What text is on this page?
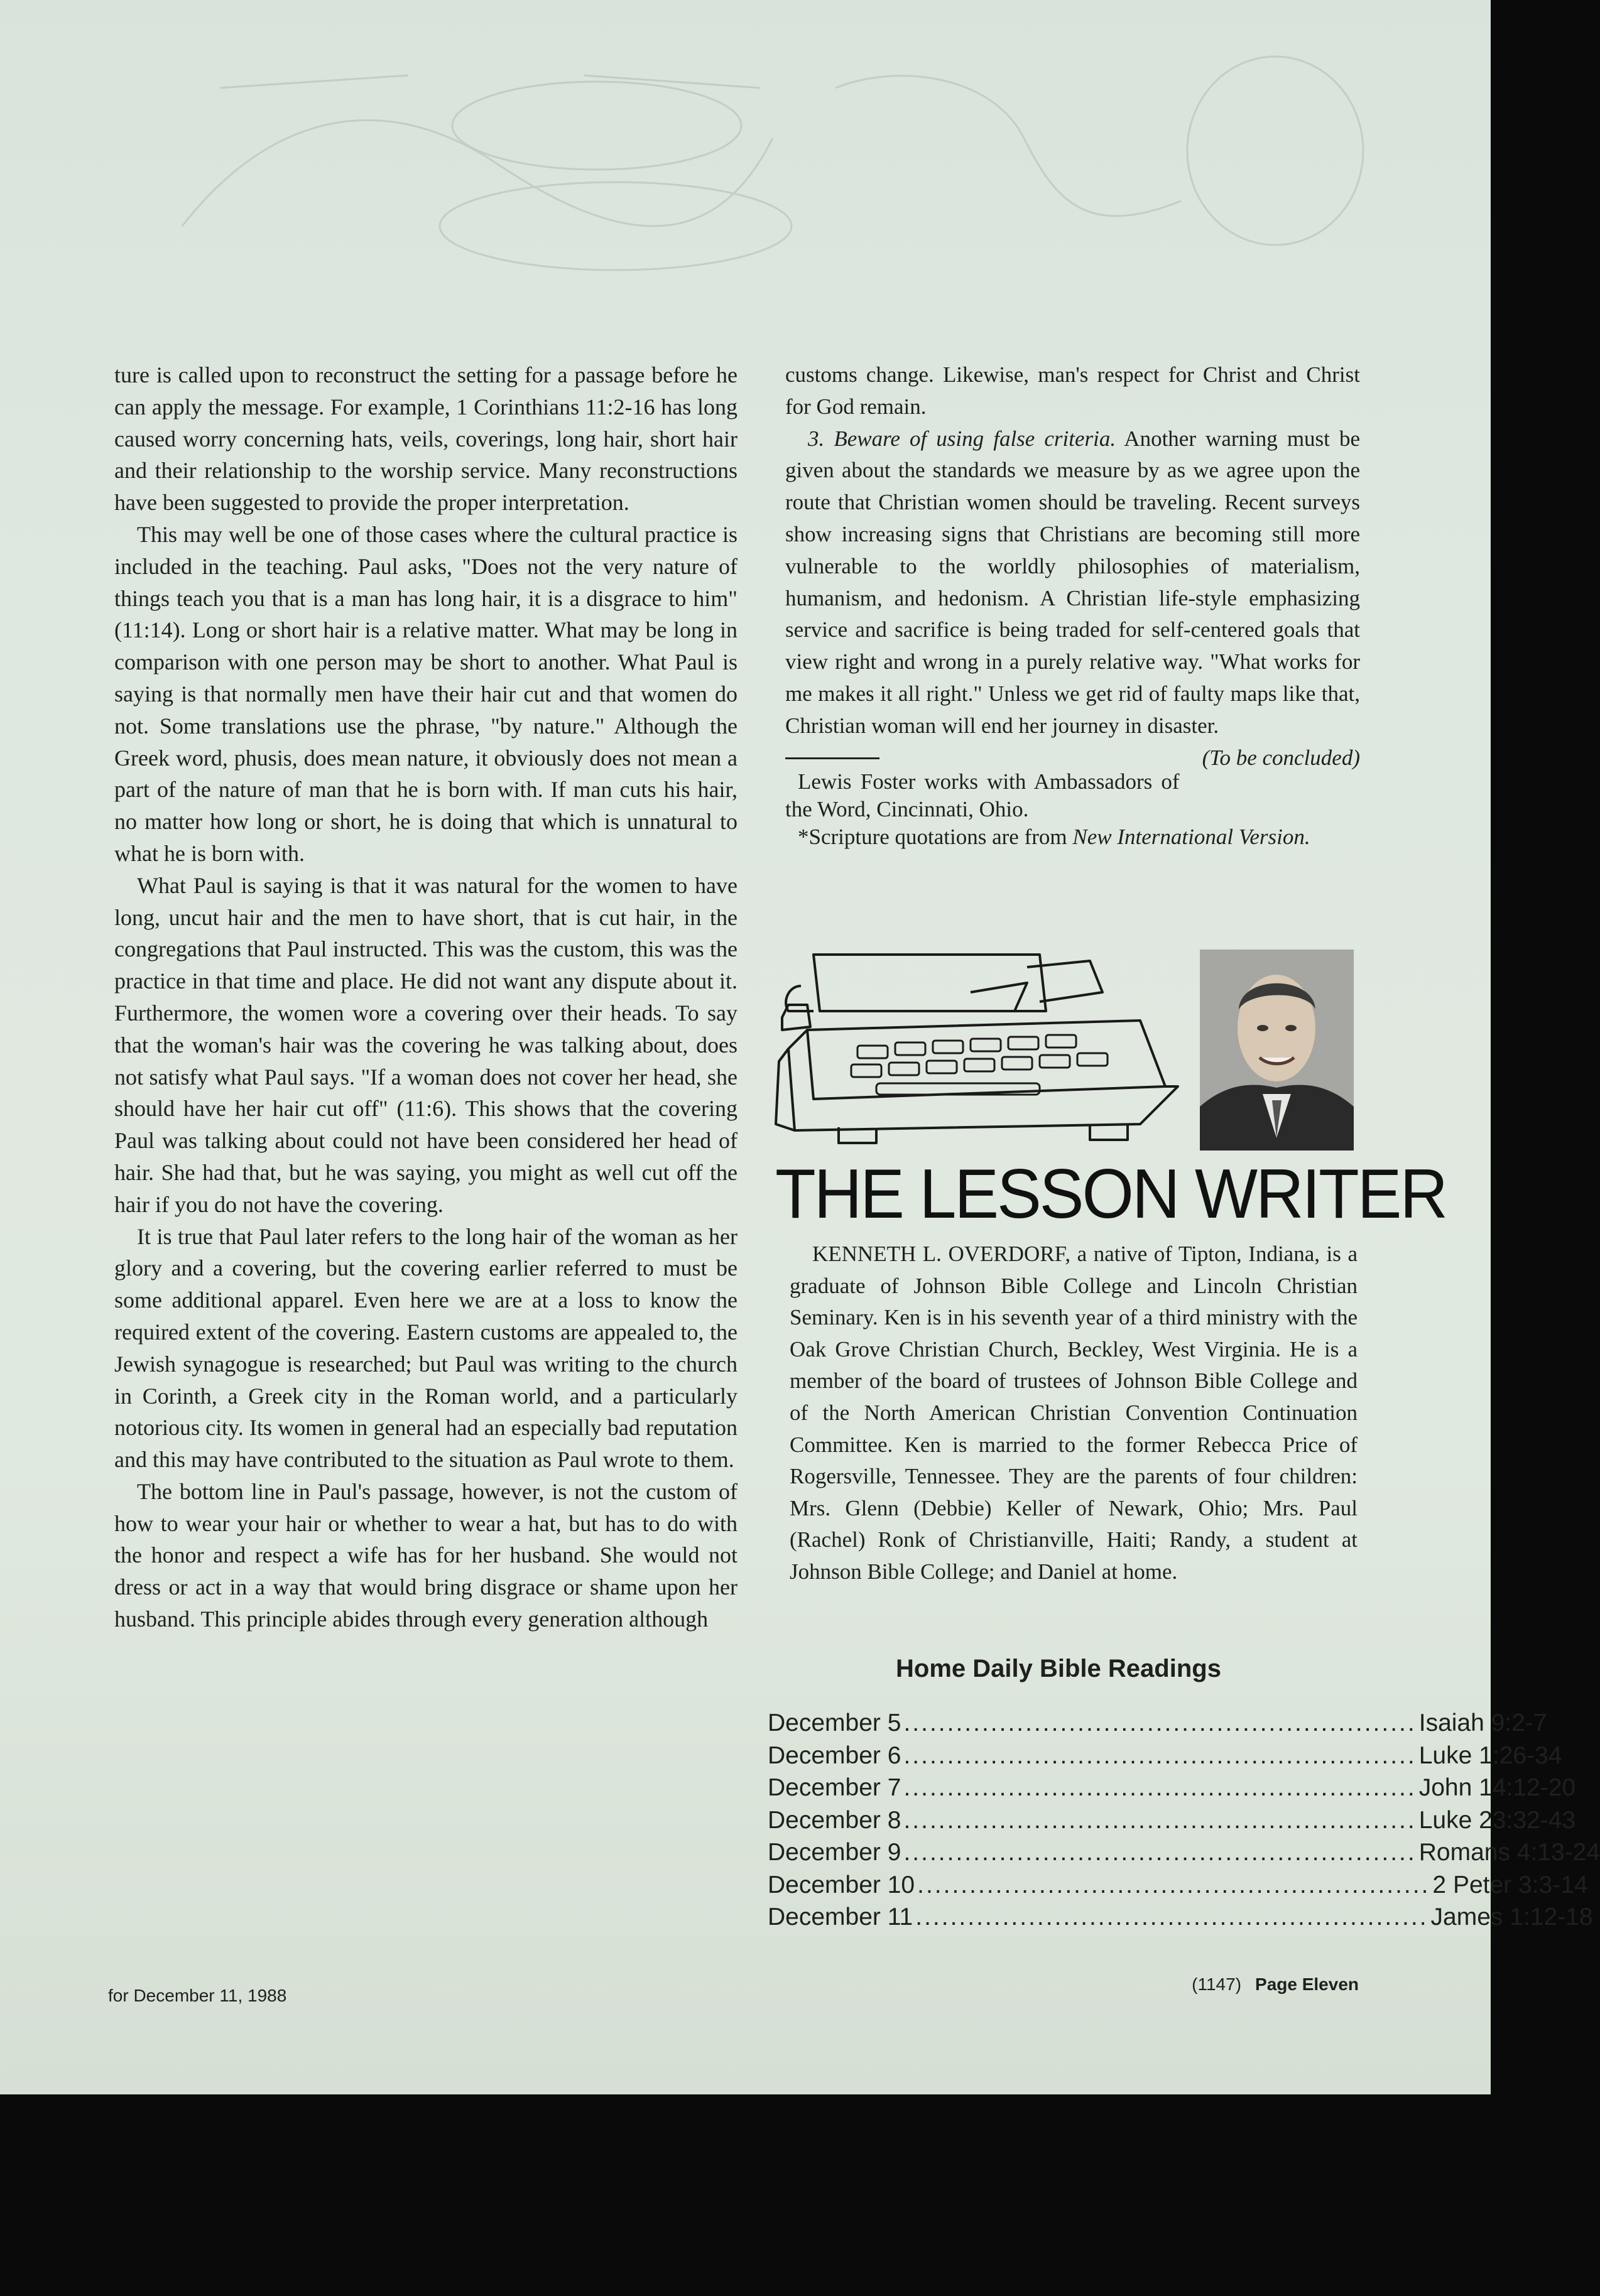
ture is called upon to reconstruct the setting for a passage before he can apply the message. For example, 1 Corinthians 11:2-16 has long caused worry concerning hats, veils, coverings, long hair, short hair and their relationship to the worship service. Many reconstructions have been suggested to provide the proper interpretation.

This may well be one of those cases where the cultural practice is included in the teaching. Paul asks, "Does not the very nature of things teach you that is a man has long hair, it is a disgrace to him" (11:14). Long or short hair is a relative matter. What may be long in comparison with one person may be short to another. What Paul is saying is that normally men have their hair cut and that women do not. Some translations use the phrase, "by nature." Although the Greek word, phusis, does mean nature, it obviously does not mean a part of the nature of man that he is born with. If man cuts his hair, no matter how long or short, he is doing that which is unnatural to what he is born with.

What Paul is saying is that it was natural for the women to have long, uncut hair and the men to have short, that is cut hair, in the congregations that Paul instructed. This was the custom, this was the practice in that time and place. He did not want any dispute about it. Furthermore, the women wore a covering over their heads. To say that the woman's hair was the covering he was talking about, does not satisfy what Paul says. "If a woman does not cover her head, she should have her hair cut off" (11:6). This shows that the covering Paul was talking about could not have been considered her head of hair. She had that, but he was saying, you might as well cut off the hair if you do not have the covering.

It is true that Paul later refers to the long hair of the woman as her glory and a covering, but the covering earlier referred to must be some additional apparel. Even here we are at a loss to know the required extent of the covering. Eastern customs are appealed to, the Jewish synagogue is researched; but Paul was writing to the church in Corinth, a Greek city in the Roman world, and a particularly notorious city. Its women in general had an especially bad reputation and this may have contributed to the situation as Paul wrote to them.

The bottom line in Paul's passage, however, is not the custom of how to wear your hair or whether to wear a hat, but has to do with the honor and respect a wife has for her husband. She would not dress or act in a way that would bring disgrace or shame upon her husband. This principle abides through every generation although

customs change. Likewise, man's respect for Christ and Christ for God remain.

3. Beware of using false criteria. Another warning must be given about the standards we measure by as we agree upon the route that Christian women should be traveling. Recent surveys show increasing signs that Christians are becoming still more vulnerable to the worldly philosophies of materialism, humanism, and hedonism. A Christian life-style emphasizing service and sacrifice is being traded for self-centered goals that view right and wrong in a purely relative way. "What works for me makes it all right." Unless we get rid of faulty maps like that, Christian woman will end her journey in disaster.
(To be concluded)

Lewis Foster works with Ambassadors of the Word, Cincinnati, Ohio.

*Scripture quotations are from New International Version.

THE LESSON WRITER

KENNETH L. OVERDORF, a native of Tipton, Indiana, is a graduate of Johnson Bible College and Lincoln Christian Seminary. Ken is in his seventh year of a third ministry with the Oak Grove Christian Church, Beckley, West Virginia. He is a member of the board of trustees of Johnson Bible College and of the North American Christian Convention Continuation Committee. Ken is married to the former Rebecca Price of Rogersville, Tennessee. They are the parents of four children: Mrs. Glenn (Debbie) Keller of Newark, Ohio; Mrs. Paul (Rachel) Ronk of Christianville, Haiti; Randy, a student at Johnson Bible College; and Daniel at home.

Home Daily Bible Readings
December 5 ........................................................... Isaiah 9:2-7
December 6 ........................................................... Luke 1:26-34
December 7 ........................................................... John 14:12-20
December 8 ........................................................... Luke 23:32-43
December 9 ........................................................... Romans 4:13-24
December 10 ........................................................... 2 Peter 3:3-14
December 11 ........................................................... James 1:12-18
for December 11, 1988
(1147) Page Eleven
